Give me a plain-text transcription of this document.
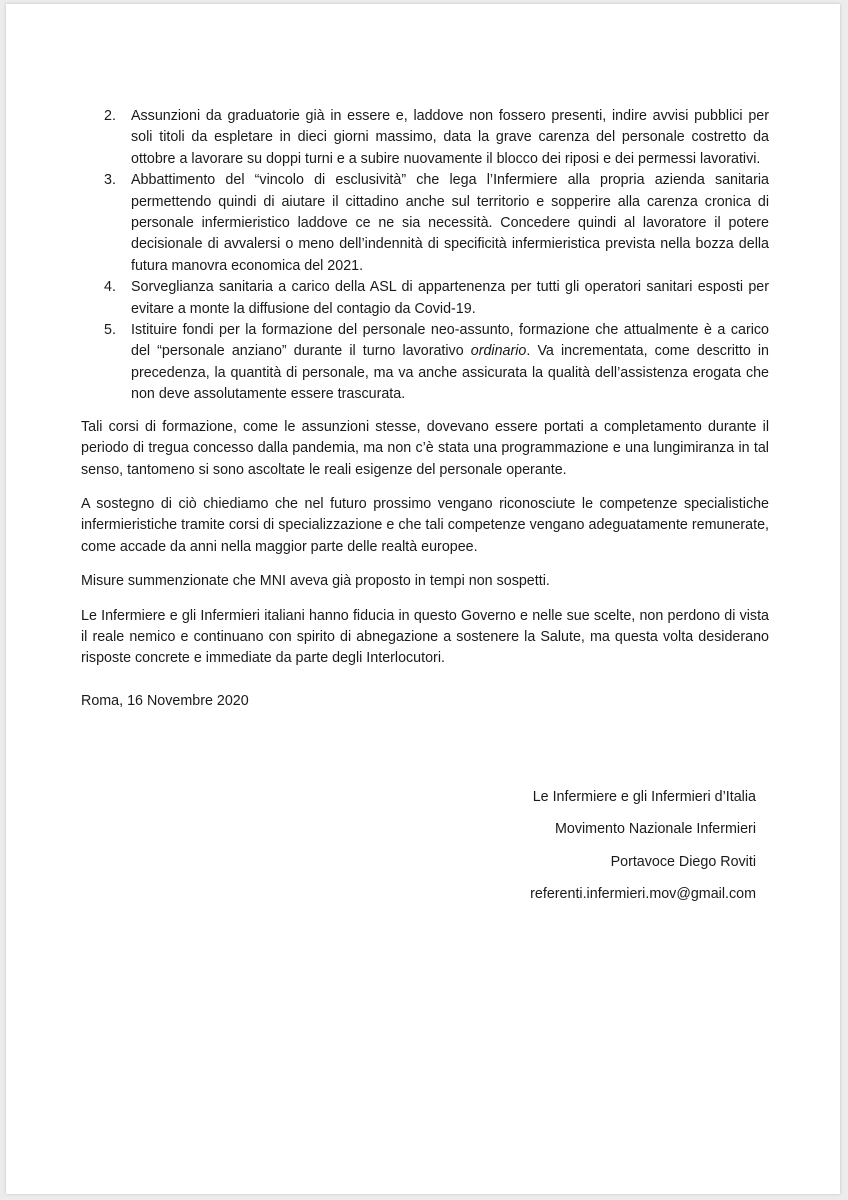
2. Assunzioni da graduatorie già in essere e, laddove non fossero presenti, indire avvisi pubblici per soli titoli da espletare in dieci giorni massimo, data la grave carenza del personale costretto da ottobre a lavorare su doppi turni e a subire nuovamente il blocco dei riposi e dei permessi lavorativi.
3. Abbattimento del “vincolo di esclusività” che lega l’Infermiere alla propria azienda sanitaria permettendo quindi di aiutare il cittadino anche sul territorio e sopperire alla carenza cronica di personale infermieristico laddove ce ne sia necessità. Concedere quindi al lavoratore il potere decisionale di avvalersi o meno dell’indennità di specificità infermieristica prevista nella bozza della futura manovra economica del 2021.
4. Sorveglianza sanitaria a carico della ASL di appartenenza per tutti gli operatori sanitari esposti per evitare a monte la diffusione del contagio da Covid-19.
5. Istituire fondi per la formazione del personale neo-assunto, formazione che attualmente è a carico del “personale anziano” durante il turno lavorativo ordinario. Va incrementata, come descritto in precedenza, la quantità di personale, ma va anche assicurata la qualità dell’assistenza erogata che non deve assolutamente essere trascurata.

Tali corsi di formazione, come le assunzioni stesse, dovevano essere portati a completamento durante il periodo di tregua concesso dalla pandemia, ma non c’è stata una programmazione e una lungimiranza in tal senso, tantomeno si sono ascoltate le reali esigenze del personale operante.

A sostegno di ciò chiediamo che nel futuro prossimo vengano riconosciute le competenze specialistiche infermieristiche tramite corsi di specializzazione e che tali competenze vengano adeguatamente remunerate, come accade da anni nella maggior parte delle realtà europee.

Misure summenzionate che MNI aveva già proposto in tempi non sospetti.

Le Infermiere e gli Infermieri italiani hanno fiducia in questo Governo e nelle sue scelte, non perdono di vista il reale nemico e continuano con spirito di abnegazione a sostenere la Salute, ma questa volta desiderano risposte concrete e immediate da parte degli Interlocutori.

Roma, 16 Novembre 2020

Le Infermiere e gli Infermieri d’Italia

Movimento Nazionale Infermieri

Portavoce Diego Roviti

referenti.infermieri.mov@gmail.com
